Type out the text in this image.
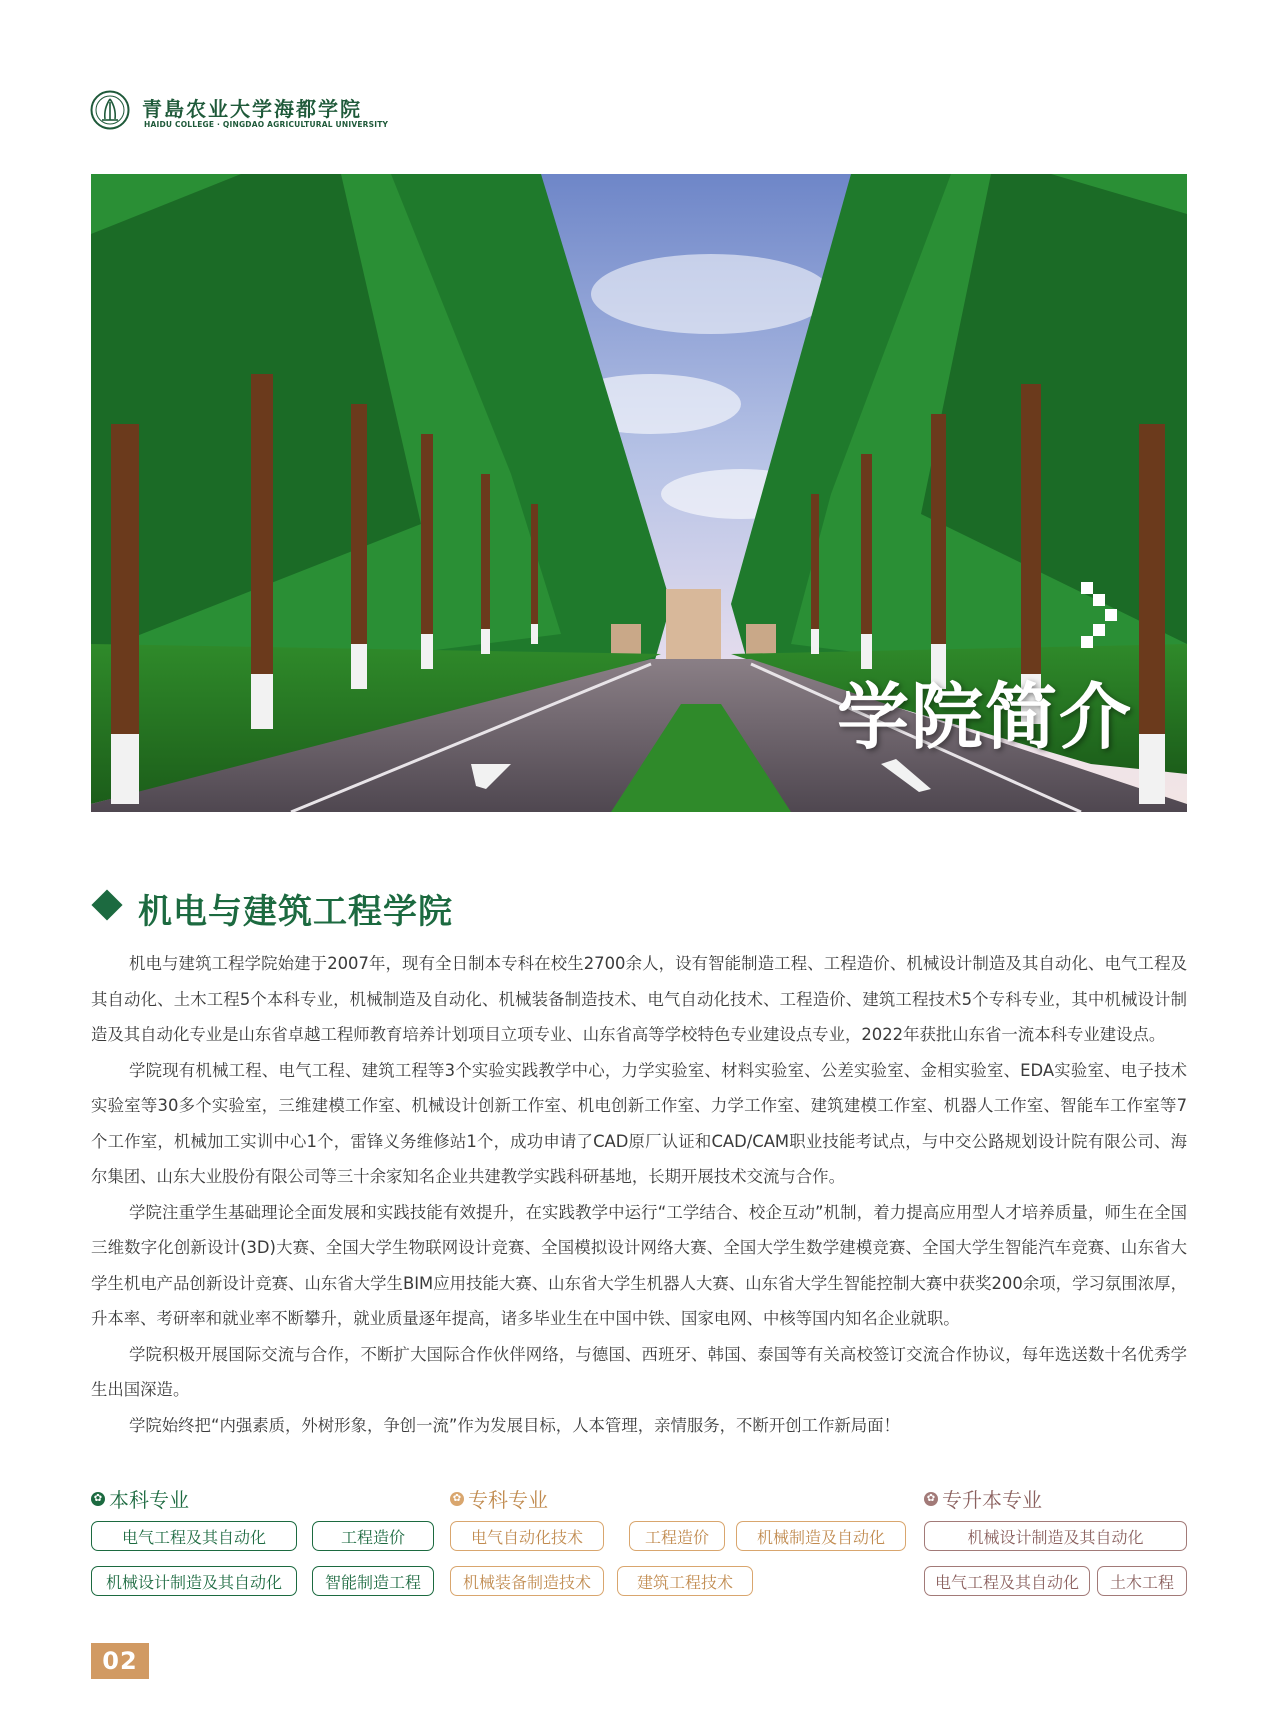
青島农业大学海都学院
HAIDU COLLEGE · QINGDAO AGRICULTURAL UNIVERSITY
学院简介
机电与建筑工程学院

机电与建筑工程学院始建于2007年，现有全日制本专科在校生2700余人，设有智能制造工程、工程造价、机械设计制造及其自动化、电气工程及其自动化、土木工程5个本科专业，机械制造及自动化、机械装备制造技术、电气自动化技术、工程造价、建筑工程技术5个专科专业，其中机械设计制造及其自动化专业是山东省卓越工程师教育培养计划项目立项专业、山东省高等学校特色专业建设点专业，2022年获批山东省一流本科专业建设点。

学院现有机械工程、电气工程、建筑工程等3个实验实践教学中心，力学实验室、材料实验室、公差实验室、金相实验室、EDA实验室、电子技术实验室等30多个实验室，三维建模工作室、机械设计创新工作室、机电创新工作室、力学工作室、建筑建模工作室、机器人工作室、智能车工作室等7个工作室，机械加工实训中心1个，雷锋义务维修站1个，成功申请了CAD原厂认证和CAD/CAM职业技能考试点，与中交公路规划设计院有限公司、海尔集团、山东大业股份有限公司等三十余家知名企业共建教学实践科研基地，长期开展技术交流与合作。

学院注重学生基础理论全面发展和实践技能有效提升，在实践教学中运行“工学结合、校企互动”机制，着力提高应用型人才培养质量，师生在全国三维数字化创新设计(3D)大赛、全国大学生物联网设计竞赛、全国模拟设计网络大赛、全国大学生数学建模竞赛、全国大学生智能汽车竞赛、山东省大学生机电产品创新设计竞赛、山东省大学生BIM应用技能大赛、山东省大学生机器人大赛、山东省大学生智能控制大赛中获奖200余项，学习氛围浓厚，升本率、考研率和就业率不断攀升，就业质量逐年提高，诸多毕业生在中国中铁、国家电网、中核等国内知名企业就职。

学院积极开展国际交流与合作，不断扩大国际合作伙伴网络，与德国、西班牙、韩国、泰国等有关高校签订交流合作协议，每年选送数十名优秀学生出国深造。

学院始终把“内强素质，外树形象，争创一流”作为发展目标，人本管理，亲情服务，不断开创工作新局面！

✿ 本科专业
电气工程及其自动化	工程造价
机械设计制造及其自动化	智能制造工程
✿ 专科专业
电气自动化技术	工程造价	机械制造及自动化
机械装备制造技术	建筑工程技术
✿ 专升本专业
机械设计制造及其自动化
电气工程及其自动化	土木工程
02
